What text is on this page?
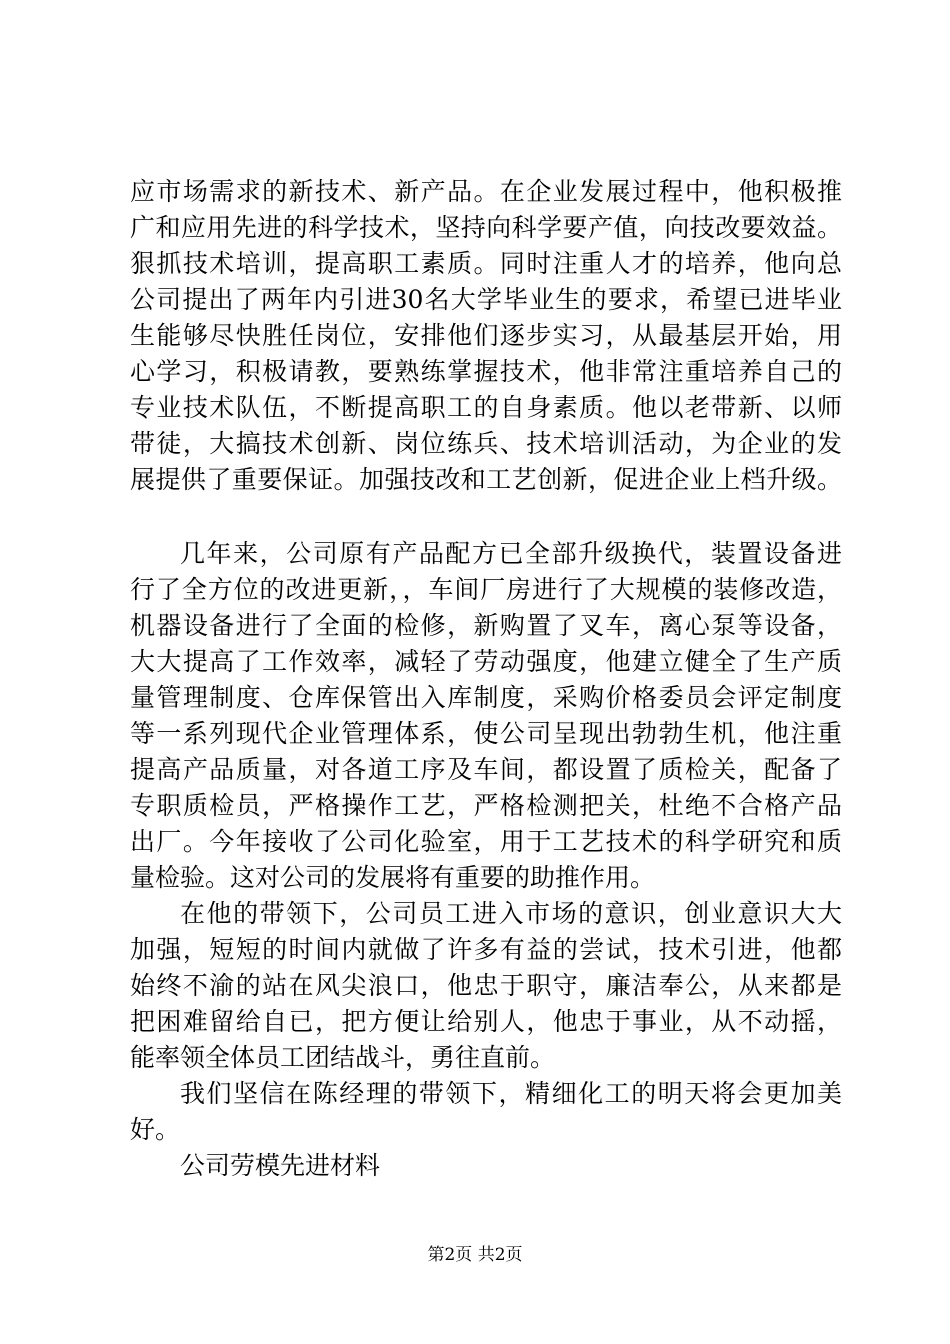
应市场需求的新技术、新产品。在企业发展过程中，他积极推
广和应用先进的科学技术，坚持向科学要产值，向技改要效益。
狠抓技术培训，提高职工素质。同时注重人才的培养，他向总
公司提出了两年内引进30名大学毕业生的要求，希望已进毕业
生能够尽快胜任岗位，安排他们逐步实习，从最基层开始，用
心学习，积极请教，要熟练掌握技术，他非常注重培养自己的
专业技术队伍，不断提高职工的自身素质。他以老带新、以师
带徒，大搞技术创新、岗位练兵、技术培训活动，为企业的发
展提供了重要保证。加强技改和工艺创新，促进企业上档升级。

几年来，公司原有产品配方已全部升级换代，装置设备进
行了全方位的改进更新，，车间厂房进行了大规模的装修改造，
机器设备进行了全面的检修，新购置了叉车，离心泵等设备，
大大提高了工作效率，减轻了劳动强度，他建立健全了生产质
量管理制度、仓库保管出入库制度，采购价格委员会评定制度
等一系列现代企业管理体系，使公司呈现出勃勃生机，他注重
提高产品质量，对各道工序及车间，都设置了质检关，配备了
专职质检员，严格操作工艺，严格检测把关，杜绝不合格产品
出厂。今年接收了公司化验室，用于工艺技术的科学研究和质
量检验。这对公司的发展将有重要的助推作用。

在他的带领下，公司员工进入市场的意识，创业意识大大
加强，短短的时间内就做了许多有益的尝试，技术引进，他都
始终不渝的站在风尖浪口，他忠于职守，廉洁奉公，从来都是
把困难留给自已，把方便让给别人，他忠于事业，从不动摇，
能率领全体员工团结战斗，勇往直前。

我们坚信在陈经理的带领下，精细化工的明天将会更加美
好。

公司劳模先进材料

第2页 共2页
